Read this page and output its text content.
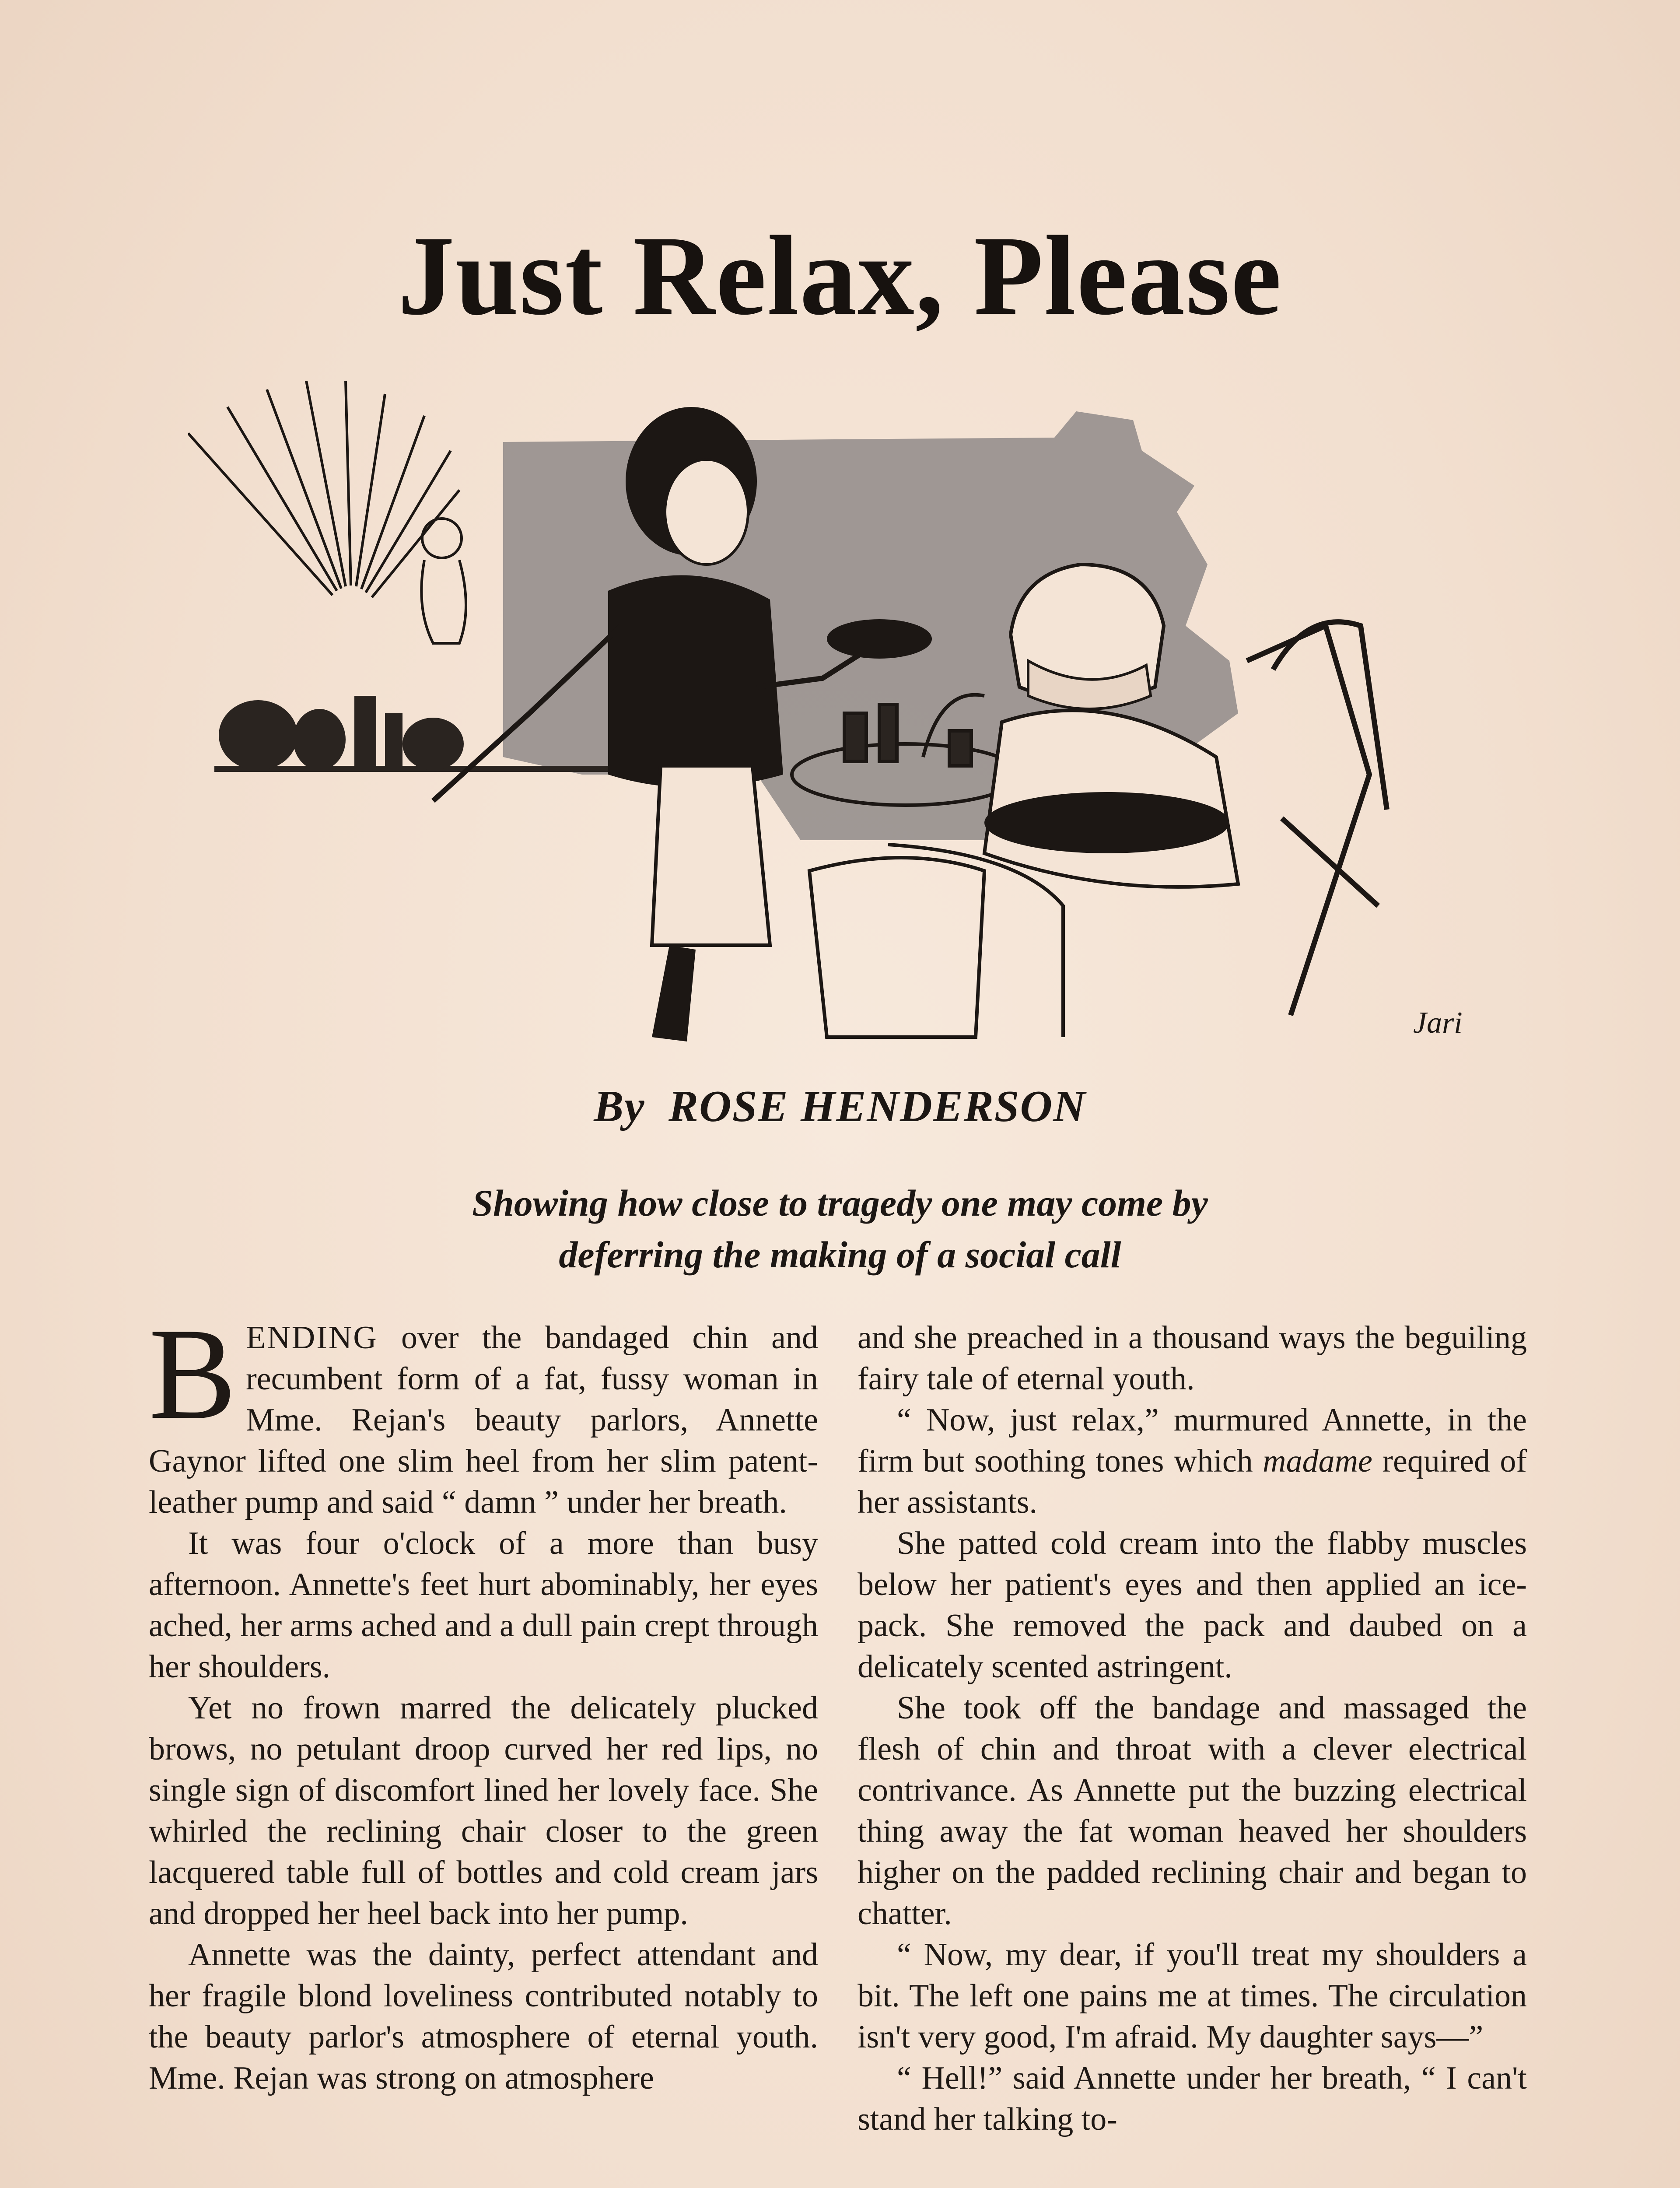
Just Relax, Please
Jari
By ROSE HENDERSON
Showing how close to tragedy one may come by
deferring the making of a social call

BENDING over the bandaged chin and recumbent form of a fat, fussy woman in Mme. Rejan's beauty parlors, Annette Gaynor lifted one slim heel from her slim patent-leather pump and said “ damn ” under her breath.

It was four o'clock of a more than busy afternoon. Annette's feet hurt abominably, her eyes ached, her arms ached and a dull pain crept through her shoulders.

Yet no frown marred the delicately plucked brows, no petulant droop curved her red lips, no single sign of discomfort lined her lovely face. She whirled the reclining chair closer to the green lacquered table full of bottles and cold cream jars and dropped her heel back into her pump.

Annette was the dainty, perfect attendant and her fragile blond loveliness contributed notably to the beauty parlor's atmosphere of eternal youth. Mme. Rejan was strong on atmosphere

and she preached in a thousand ways the beguiling fairy tale of eternal youth.

“ Now, just relax,” murmured Annette, in the firm but soothing tones which madame required of her assistants.

She patted cold cream into the flabby muscles below her patient's eyes and then applied an ice-pack. She removed the pack and daubed on a delicately scented astringent.

She took off the bandage and massaged the flesh of chin and throat with a clever electrical contrivance. As Annette put the buzzing electrical thing away the fat woman heaved her shoulders higher on the padded reclining chair and began to chatter.

“ Now, my dear, if you'll treat my shoulders a bit. The left one pains me at times. The circulation isn't very good, I'm afraid. My daughter says—”

“ Hell!” said Annette under her breath, “ I can't stand her talking to-
